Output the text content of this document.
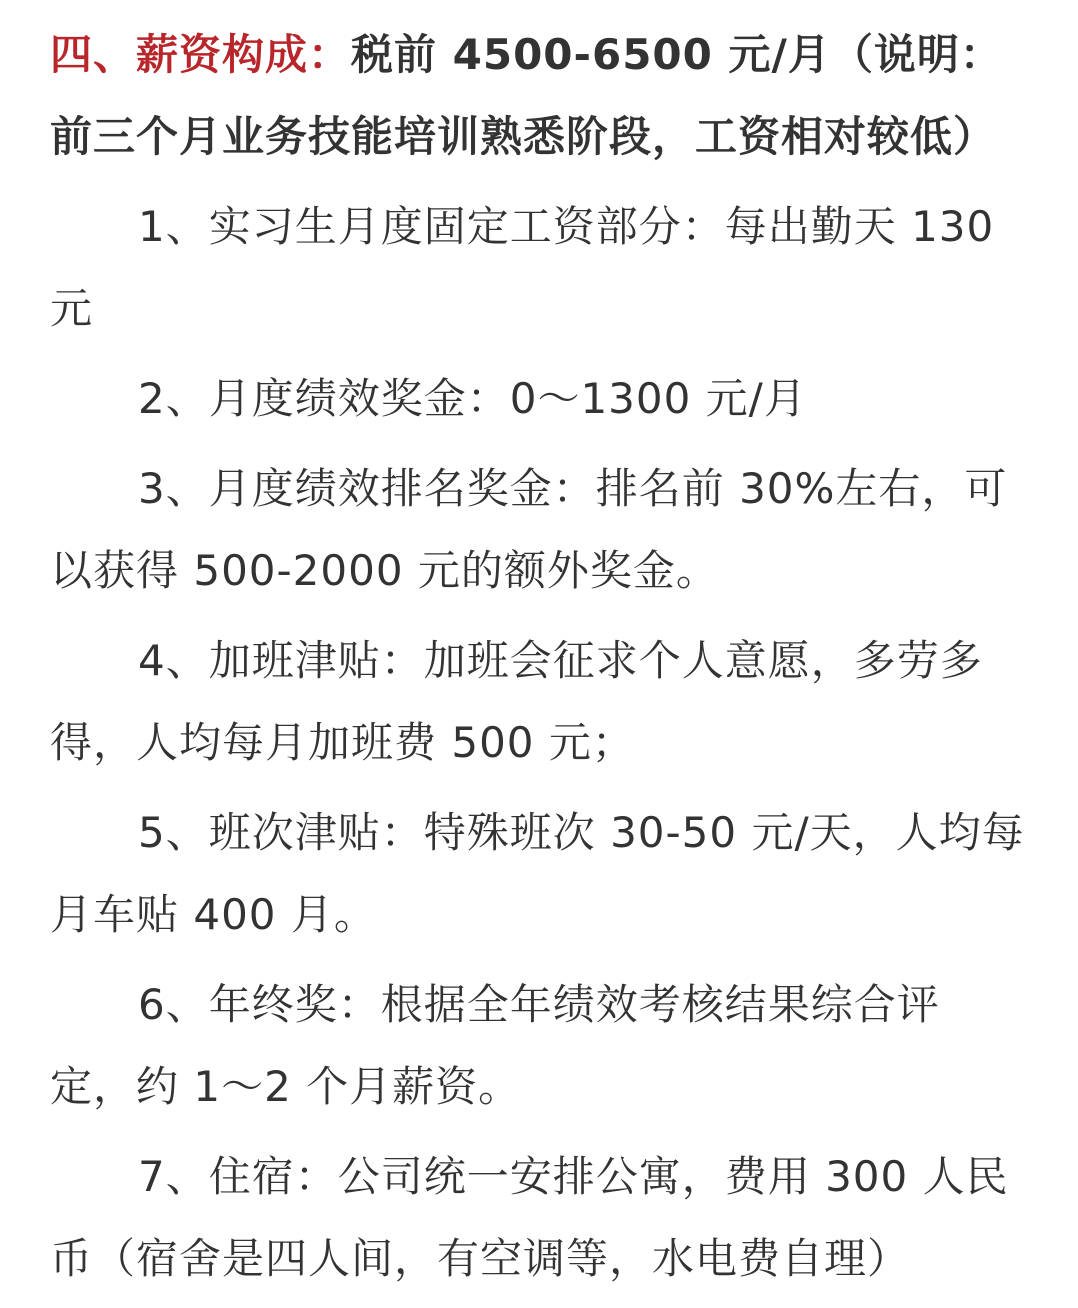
四、薪资构成：税前 4500-6500 元/月（说明：前三个月业务技能培训熟悉阶段，工资相对较低）

1、实习生月度固定工资部分：每出勤天 130 元

2、月度绩效奖金：0～1300 元/月

3、月度绩效排名奖金：排名前 30%左右，可以获得 500-2000 元的额外奖金。

4、加班津贴：加班会征求个人意愿，多劳多得，人均每月加班费 500 元；

5、班次津贴：特殊班次 30-50 元/天，人均每月车贴 400 月。

6、年终奖：根据全年绩效考核结果综合评定，约 1～2 个月薪资。

7、住宿：公司统一安排公寓，费用 300 人民币（宿舍是四人间，有空调等，水电费自理）
